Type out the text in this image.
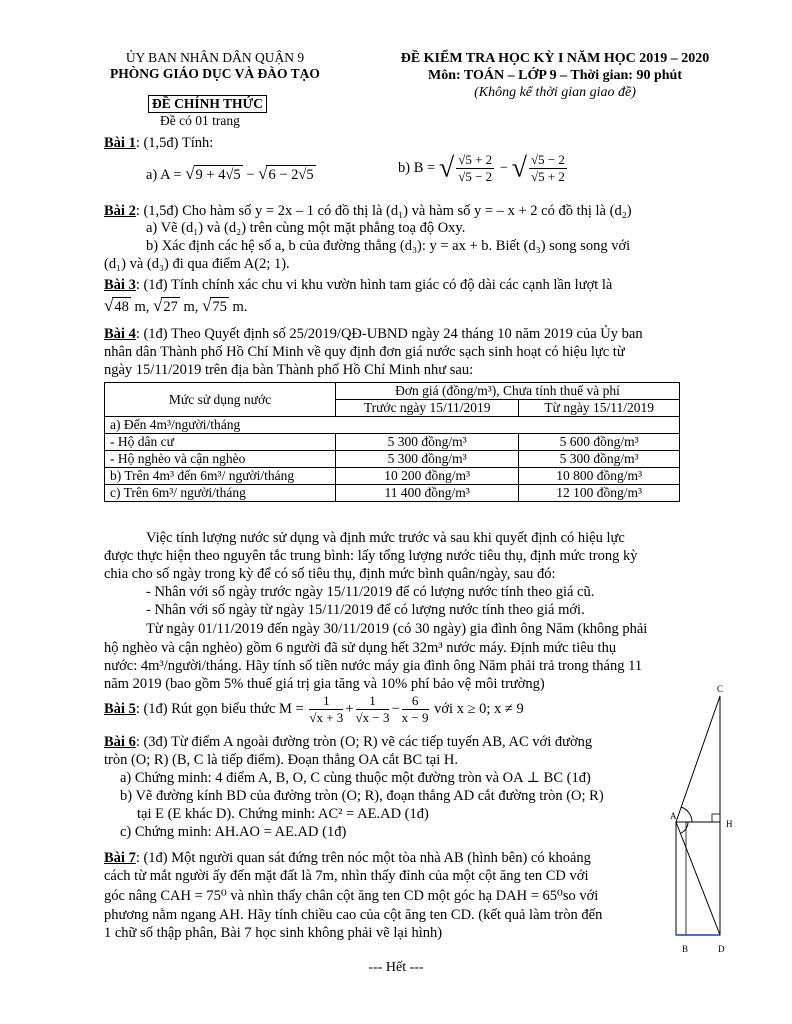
ỦY BAN NHÂN DÂN QUẬN 9
PHÒNG GIÁO DỤC VÀ ĐÀO TẠO
ĐỀ CHÍNH THỨC
Đề có 01 trang
ĐỀ KIỂM TRA HỌC KỲ I NĂM HỌC 2019 – 2020
Môn: TOÁN – LỚP 9 – Thời gian: 90 phút
(Không kể thời gian giao đề)

Bài 1: (1,5đ) Tính:

a) A = √9 + 4√5 − √6 − 2√5	b) B = √ $\frac{√5 + 2}{√5 - 2}$ − √ $\frac{√5 - 2}{√5 + 2}$

Bài 2: (1,5đ) Cho hàm số y = 2x – 1 có đồ thị là (d₁) và hàm số y = – x + 2 có đồ thị là (d₂)

a) Vẽ (d₁) và (d₂) trên cùng một mặt phẳng toạ độ Oxy.

b) Xác định các hệ số a, b của đường thẳng (d₃): y = ax + b. Biết (d₃) song song với

(d₁) và (d₃) đi qua điểm A(2; 1).

Bài 3: (1đ) Tính chính xác chu vi khu vườn hình tam giác có độ dài các cạnh lần lượt là

√48 m, √27 m, √75 m.

Bài 4: (1đ) Theo Quyết định số 25/2019/QĐ-UBND ngày 24 tháng 10 năm 2019 của Ủy ban

nhân dân Thành phố Hồ Chí Minh về quy định đơn giá nước sạch sinh hoạt có hiệu lực từ

ngày 15/11/2019 trên địa bàn Thành phố Hồ Chí Minh như sau:

Mức sử dụng nước	Đơn giá (đồng/m³), Chưa tính thuế và phí	
	Trước ngày 15/11/2019	Từ ngày 15/11/2019
a) Đến 4m³/người/tháng		
- Hộ dân cư	5 300 đồng/m³	5 600 đồng/m³
- Hộ nghèo và cận nghèo	5 300 đồng/m³	5 300 đồng/m³
b) Trên 4m³ đến 6m³/ người/tháng	10 200 đồng/m³	10 800 đồng/m³
c) Trên 6m³/ người/tháng	11 400 đồng/m³	12 100 đồng/m³

Việc tính lượng nước sử dụng và định mức trước và sau khi quyết định có hiệu lực

được thực hiện theo nguyên tắc trung bình: lấy tổng lượng nước tiêu thụ, định mức trong kỳ

chia cho số ngày trong kỳ để có số tiêu thụ, định mức bình quân/ngày, sau đó:

- Nhân với số ngày trước ngày 15/11/2019 để có lượng nước tính theo giá cũ.

- Nhân với số ngày từ ngày 15/11/2019 để có lượng nước tính theo giá mới.

Từ ngày 01/11/2019 đến ngày 30/11/2019 (có 30 ngày) gia đình ông Năm (không phải

hộ nghèo và cận nghèo) gồm 6 người đã sử dụng hết 32m³ nước máy. Định mức tiêu thụ

nước: 4m³/người/tháng. Hãy tính số tiền nước máy gia đình ông Năm phải trả trong tháng 11

năm 2019 (bao gồm 5% thuế giá trị gia tăng và 10% phí bảo vệ môi trường)

Bài 5: (1đ) Rút gọn biểu thức $M = \frac{1}{√x + 3} + \frac{1}{√x - 3} - \frac{6}{x - 9}$ với x ≥ 0; x ≠ 9

Bài 6: (3đ) Từ điểm A ngoài đường tròn (O; R) vẽ các tiếp tuyến AB, AC với đường

tròn (O; R) (B, C là tiếp điểm). Đoạn thẳng OA cắt BC tại H.

a) Chứng minh: 4 điểm A, B, O, C cùng thuộc một đường tròn và OA ⊥ BC (1đ)

b) Vẽ đường kính BD của đường tròn (O; R), đoạn thẳng AD cắt đường tròn (O; R)

tại E (E khác D). Chứng minh: AC² = AE.AD (1đ)

c) Chứng minh: AH.AO = AE.AD (1đ)

Bài 7: (1đ) Một người quan sát đứng trên nóc một tòa nhà AB (hình bên) có khoảng

cách từ mắt người ấy đến mặt đất là 7m, nhìn thấy đỉnh của một cột ăng ten CD với

góc nâng CAH = 75⁰ và nhìn thấy chân cột ăng ten CD một góc hạ DAH = 65⁰so với

phương nằm ngang AH. Hãy tính chiều cao của cột ăng ten CD. (kết quả làm tròn đến

1 chữ số thập phân, Bài 7 học sinh không phải vẽ lại hình)

C
A
H
B	D
--- Hết ---
